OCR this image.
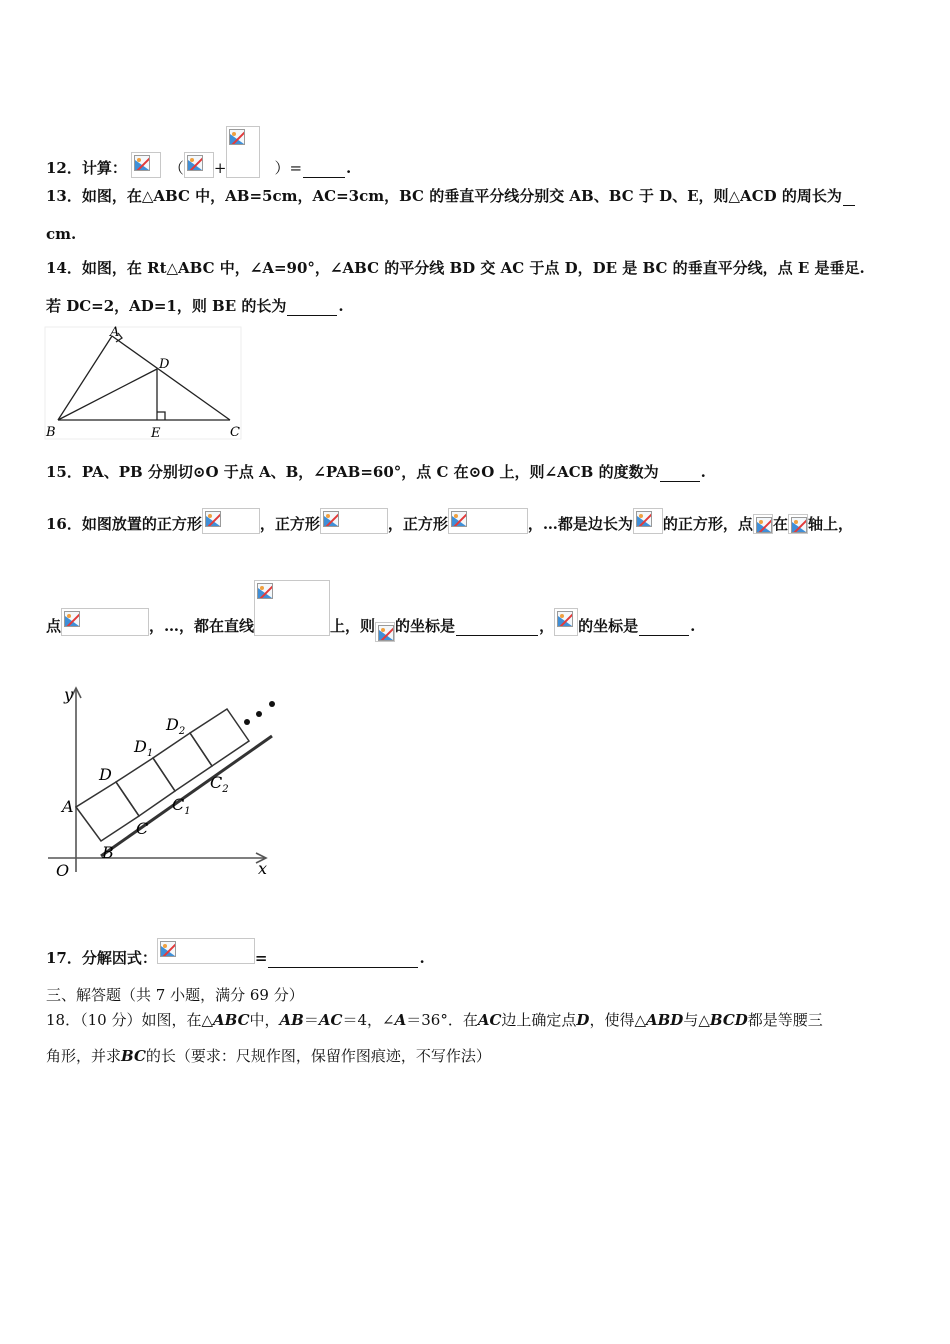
12．计算：	（ +	）=	.
13．如图，在△ABC 中，AB=5cm，AC=3cm，BC 的垂直平分线分别交 AB、BC 于 D、E，则△ACD 的周长为
cm.
14．如图，在 Rt△ABC 中，∠A=90°，∠ABC 的平分线 BD 交 AC 于点 D，DE 是 BC 的垂直平分线，点 E 是垂足.
若 DC=2，AD=1，则 BE 的长为	.
A
D
B	E	C
15．PA、PB 分别切⊙O 于点 A、B，∠PAB=60°，点 C 在⊙O 上，则∠ACB 的度数为	.
16．如图放置的正方形	，正方形	，正方形	，…都是边长为 的正方形，点 在 轴上，
点	，…，都在直线	上，则 的坐标是	， 的坐标是	.
y
x
O
A
B
C
D
$D_1$
$D_2$
$C_1$
$C_2$
17．分解因式：	=	.
三、解答题（共 7 小题，满分 69 分）
18．（10 分）如图，在△ ABC 中， AB ＝ AC ＝4，∠ A ＝36°．在 AC 边上确定点 D ，使得△ ABD 与△ BCD 都是等腰三
角形，并求 BC 的长（要求：尺规作图，保留作图痕迹，不写作法）
